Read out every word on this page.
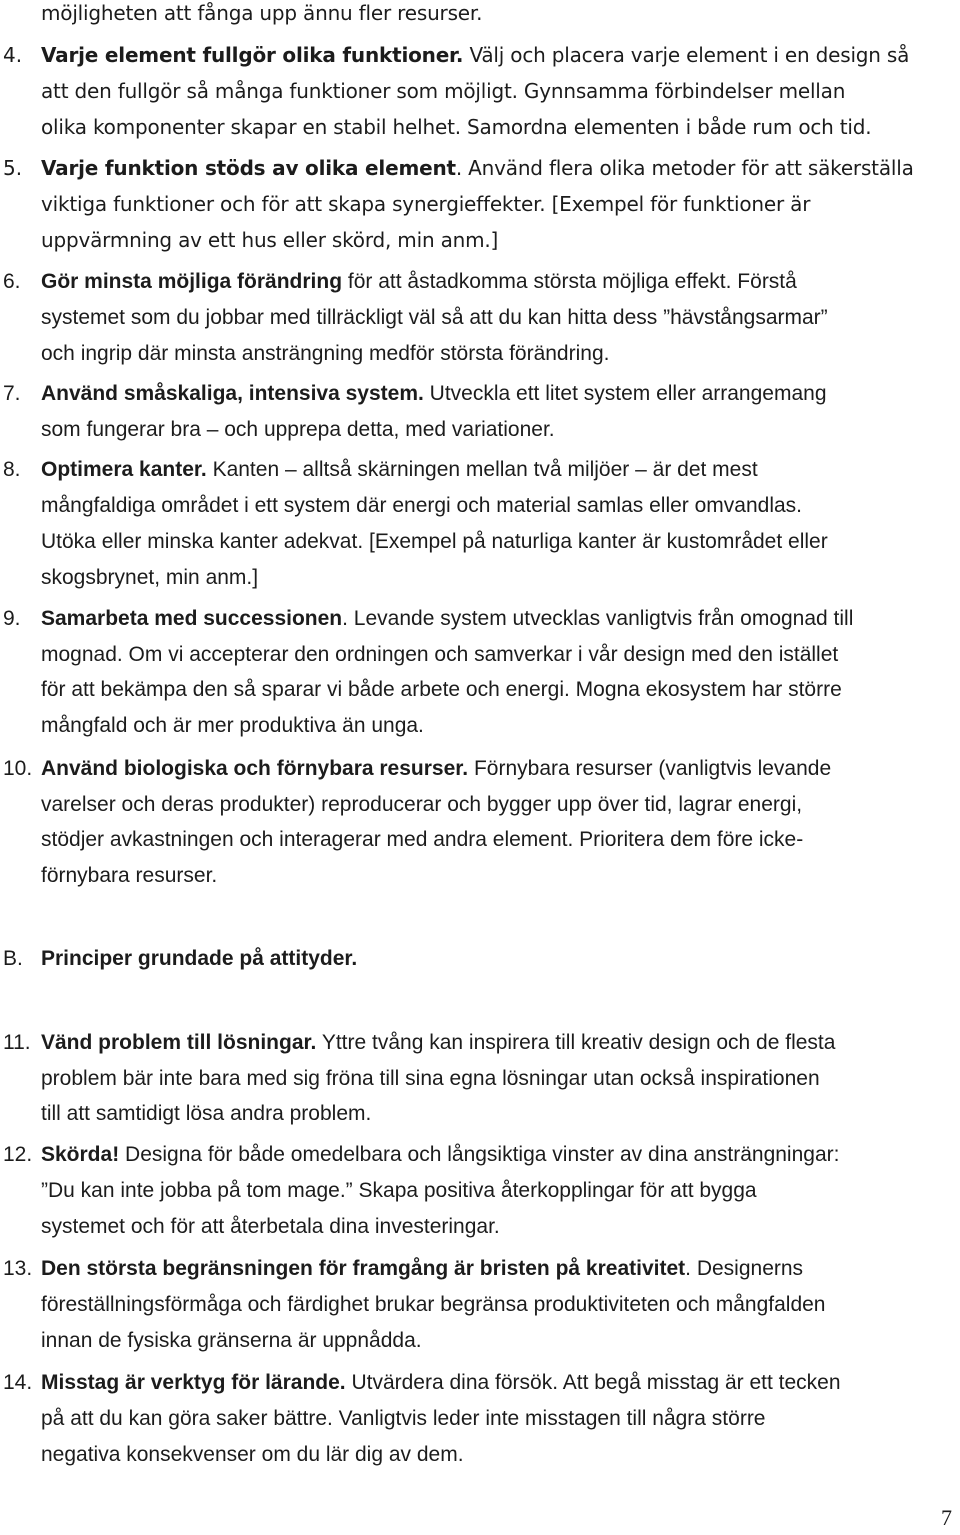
möjligheten att fånga upp ännu fler resurser.
4. Varje element fullgör olika funktioner. Välj och placera varje element i en design så
att den fullgör så många funktioner som möjligt. Gynnsamma förbindelser mellan
olika komponenter skapar en stabil helhet. Samordna elementen i både rum och tid.
5. Varje funktion stöds av olika element. Använd flera olika metoder för att säkerställa
viktiga funktioner och för att skapa synergieffekter. [Exempel för funktioner är
uppvärmning av ett hus eller skörd, min anm.]
6. Gör minsta möjliga förändring för att åstadkomma största möjliga effekt. Förstå
systemet som du jobbar med tillräckligt väl så att du kan hitta dess ”hävstångsarmar”
och ingrip där minsta ansträngning medför största förändring.
7. Använd småskaliga, intensiva system. Utveckla ett litet system eller arrangemang
som fungerar bra – och upprepa detta, med variationer.
8. Optimera kanter. Kanten – alltså skärningen mellan två miljöer – är det mest
mångfaldiga området i ett system där energi och material samlas eller omvandlas.
Utöka eller minska kanter adekvat. [Exempel på naturliga kanter är kustområdet eller
skogsbrynet, min anm.]
9. Samarbeta med successionen. Levande system utvecklas vanligtvis från omognad till
mognad. Om vi accepterar den ordningen och samverkar i vår design med den istället
för att bekämpa den så sparar vi både arbete och energi. Mogna ekosystem har större
mångfald och är mer produktiva än unga.
10. Använd biologiska och förnybara resurser. Förnybara resurser (vanligtvis levande
varelser och deras produkter) reproducerar och bygger upp över tid, lagrar energi,
stödjer avkastningen och interagerar med andra element. Prioritera dem före icke-
förnybara resurser.
B. Principer grundade på attityder.
11. Vänd problem till lösningar. Yttre tvång kan inspirera till kreativ design och de flesta
problem bär inte bara med sig fröna till sina egna lösningar utan också inspirationen
till att samtidigt lösa andra problem.
12. Skörda! Designa för både omedelbara och långsiktiga vinster av dina ansträngningar:
”Du kan inte jobba på tom mage.” Skapa positiva återkopplingar för att bygga
systemet och för att återbetala dina investeringar.
13. Den största begränsningen för framgång är bristen på kreativitet. Designerns
föreställningsförmåga och färdighet brukar begränsa produktiviteten och mångfalden
innan de fysiska gränserna är uppnådda.
14. Misstag är verktyg för lärande. Utvärdera dina försök. Att begå misstag är ett tecken
på att du kan göra saker bättre. Vanligtvis leder inte misstagen till några större
negativa konsekvenser om du lär dig av dem.
7
